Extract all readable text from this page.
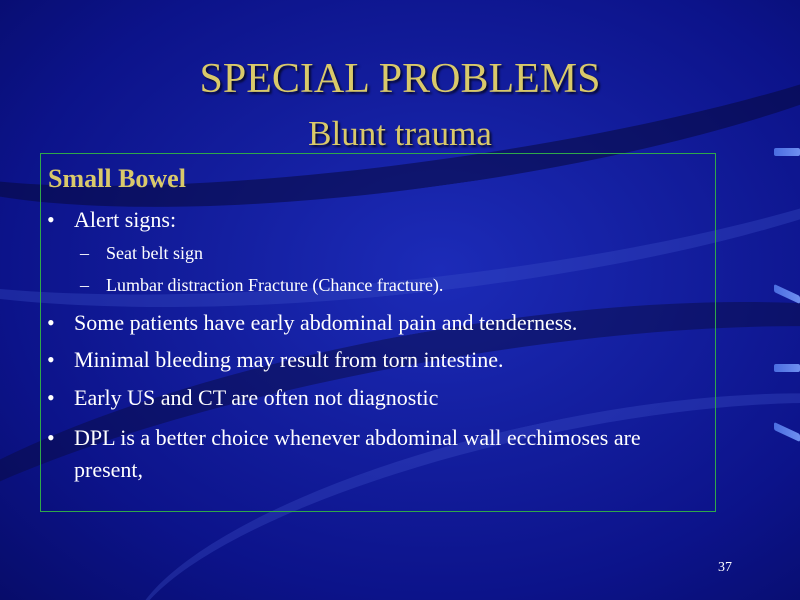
SPECIAL PROBLEMS
Blunt trauma
Small Bowel
• Alert signs:
– Seat belt sign
– Lumbar distraction Fracture (Chance fracture).
• Some patients have early abdominal pain and tenderness.
• Minimal bleeding may result from torn intestine.
• Early US and CT are often not diagnostic
• DPL is a better choice whenever abdominal wall ecchimoses are present,
37
